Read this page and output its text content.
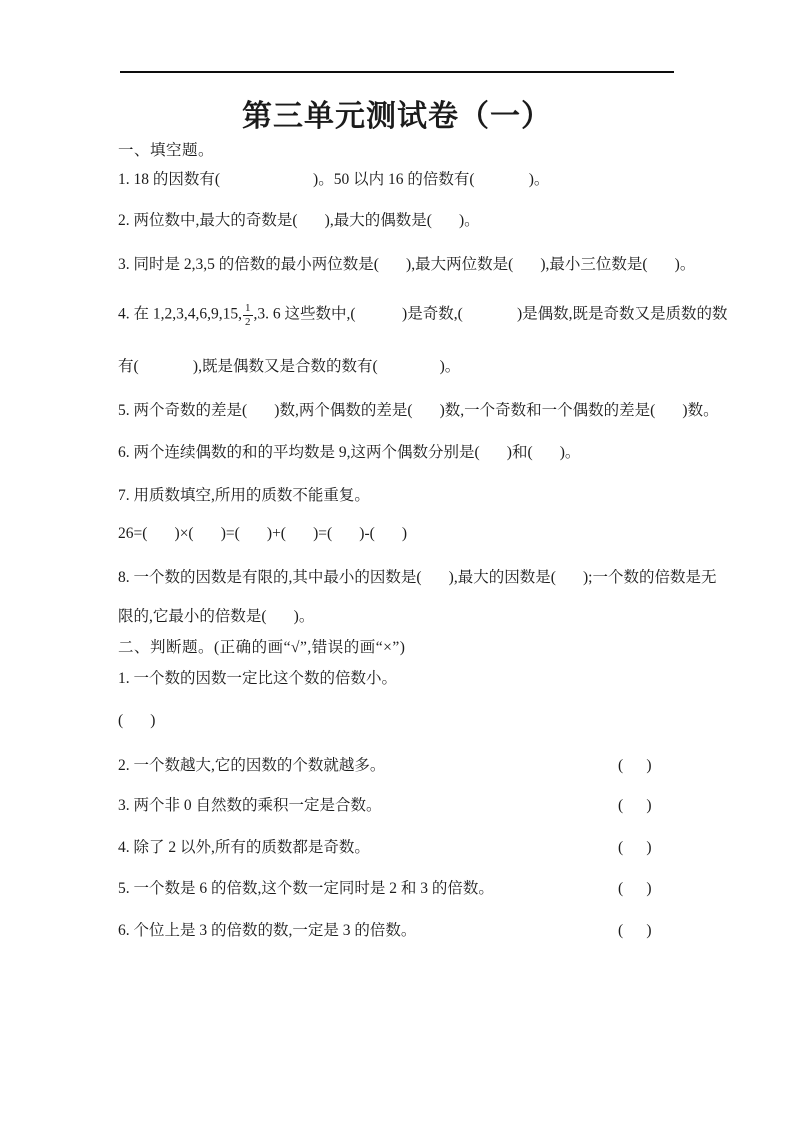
第三单元测试卷（一）
一、填空题。
1. 18 的因数有(                        )。50 以内 16 的倍数有(              )。
2. 两位数中,最大的奇数是(       ),最大的偶数是(       )。
3. 同时是 2,3,5 的倍数的最小两位数是(       ),最大两位数是(       ),最小三位数是(       )。
4. 在 1,2,3,4,6,9,15, $\frac{1}{2} ,3$. 6 这些数中,(            )是奇数,(              )是偶数,既是奇数又是质数的数
有(              ),既是偶数又是合数的数有(                )。
5. 两个奇数的差是(       )数,两个偶数的差是(       )数,一个奇数和一个偶数的差是(       )数。
6. 两个连续偶数的和的平均数是 9,这两个偶数分别是(       )和(       )。
7. 用质数填空,所用的质数不能重复。
26=(       )×(       )=(       )+(       )=(       )-(       )
8. 一个数的因数是有限的,其中最小的因数是(       ),最大的因数是(       );一个数的倍数是无
限的,它最小的倍数是(       )。
二、判断题。(正确的画“√”,错误的画“×”)
1. 一个数的因数一定比这个数的倍数小。
(       )
2. 一个数越大,它的因数的个数就越多。	(      )
3. 两个非 0 自然数的乘积一定是合数。	(      )
4. 除了 2 以外,所有的质数都是奇数。	(      )
5. 一个数是 6 的倍数,这个数一定同时是 2 和 3 的倍数。	(      )
6. 个位上是 3 的倍数的数,一定是 3 的倍数。	(      )
